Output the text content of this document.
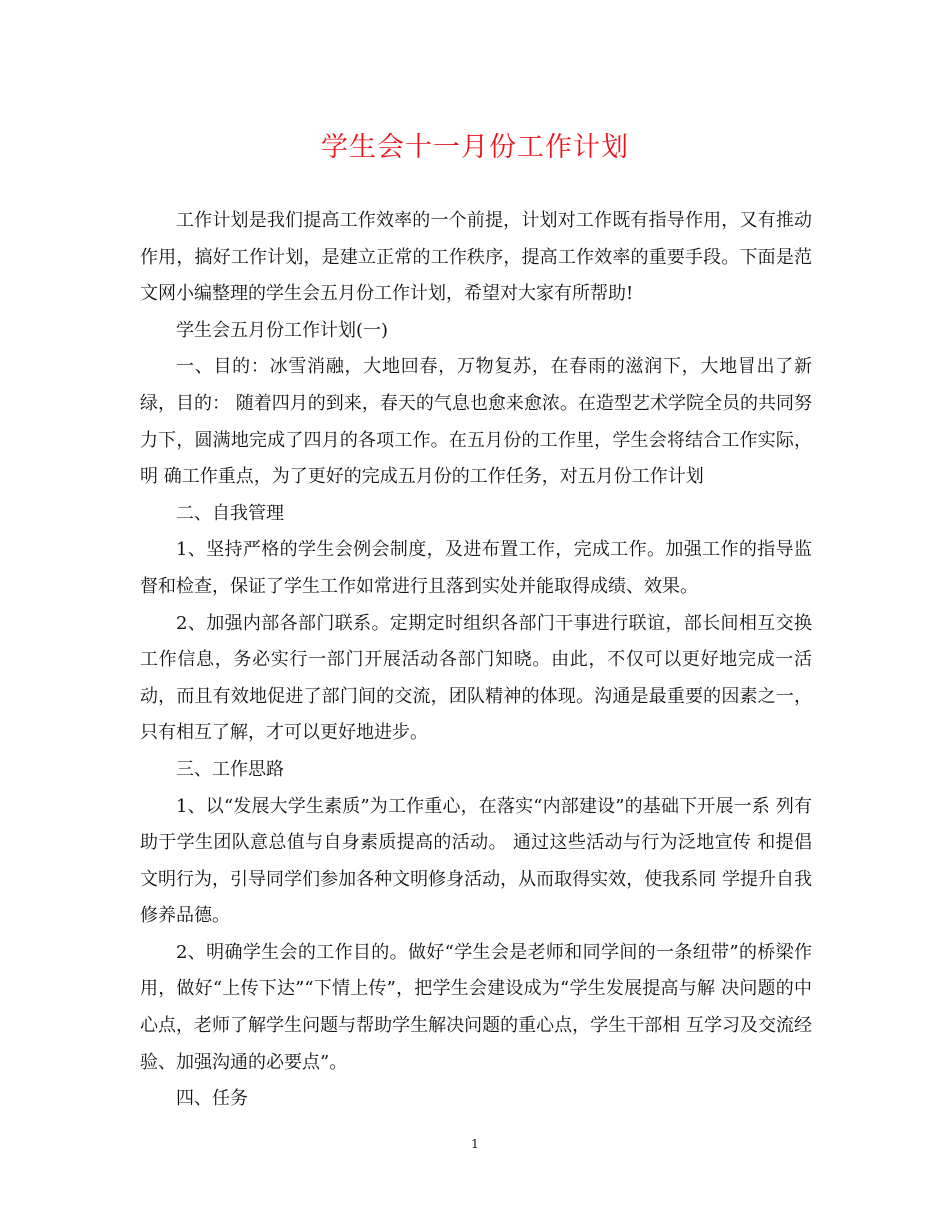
学生会十一月份工作计划

工作计划是我们提高工作效率的一个前提，计划对工作既有指导作用，又有推动作用，搞好工作计划，是建立正常的工作秩序，提高工作效率的重要手段。下面是范文网小编整理的学生会五月份工作计划，希望对大家有所帮助!

学生会五月份工作计划(一)

一、目的：冰雪消融，大地回春，万物复苏，在春雨的滋润下，大地冒出了新绿，目的： 随着四月的到来，春天的气息也愈来愈浓。在造型艺术学院全员的共同努力下，圆满地完成了四月的各项工作。在五月份的工作里，学生会将结合工作实际，明 确工作重点，为了更好的完成五月份的工作任务，对五月份工作计划

二、自我管理

1、坚持严格的学生会例会制度，及进布置工作，完成工作。加强工作的指导监 督和检查，保证了学生工作如常进行且落到实处并能取得成绩、效果。

2、加强内部各部门联系。定期定时组织各部门干事进行联谊，部长间相互交换 工作信息，务必实行一部门开展活动各部门知晓。由此，不仅可以更好地完成一活动，而且有效地促进了部门间的交流，团队精神的体现。沟通是最重要的因素之一，只有相互了解，才可以更好地进步。

三、工作思路

1、以“发展大学生素质”为工作重心，在落实“内部建设”的基础下开展一系 列有助于学生团队意总值与自身素质提高的活动。 通过这些活动与行为泛地宣传 和提倡文明行为，引导同学们参加各种文明修身活动，从而取得实效，使我系同 学提升自我修养品德。

2、明确学生会的工作目的。做好“学生会是老师和同学间的一条纽带”的桥梁作用，做好“上传下达”“下情上传”，把学生会建设成为“学生发展提高与解 决问题的中心点，老师了解学生问题与帮助学生解决问题的重心点，学生干部相 互学习及交流经验、加强沟通的必要点”。

四、任务

1
